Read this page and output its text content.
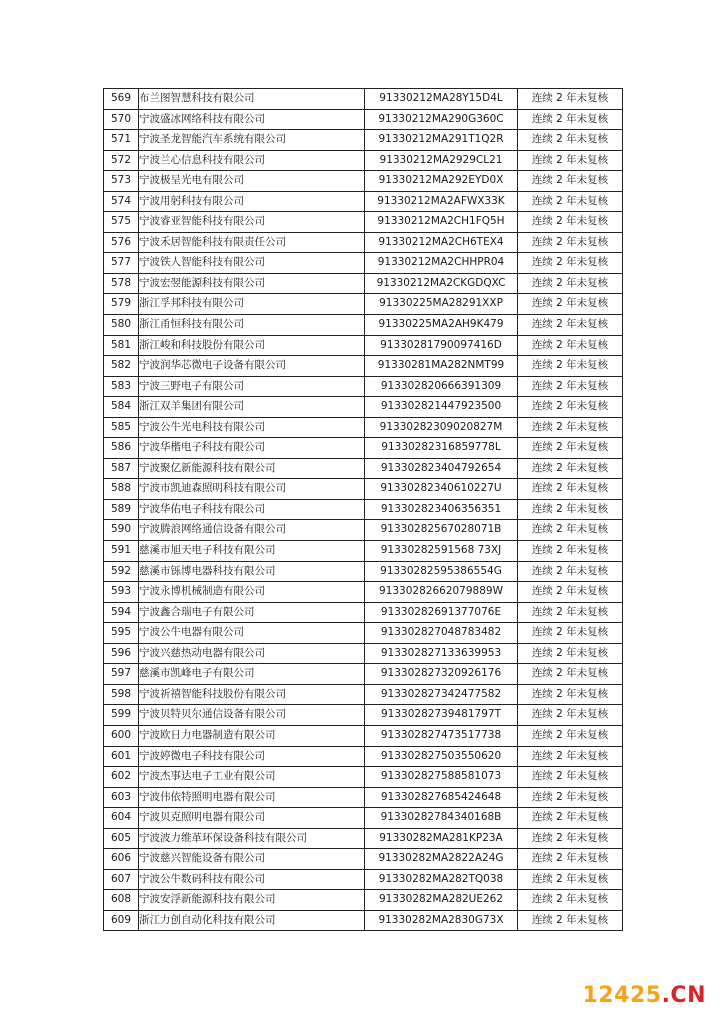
569	布兰图智慧科技有限公司	91330212MA28Y15D4L	连续 2 年未复核
570	宁波盛冰网络科技有限公司	91330212MA290G360C	连续 2 年未复核
571	宁波圣龙智能汽车系统有限公司	91330212MA291T1Q2R	连续 2 年未复核
572	宁波兰心信息科技有限公司	91330212MA2929CL21	连续 2 年未复核
573	宁波极呈光电有限公司	91330212MA292EYD0X	连续 2 年未复核
574	宁波用躬科技有限公司	91330212MA2AFWX33K	连续 2 年未复核
575	宁波睿亚智能科技有限公司	91330212MA2CH1FQ5H	连续 2 年未复核
576	宁波禾居智能科技有限责任公司	91330212MA2CH6TEX4	连续 2 年未复核
577	宁波铁人智能科技有限公司	91330212MA2CHHPR04	连续 2 年未复核
578	宁波宏翌能源科技有限公司	91330212MA2CKGDQXC	连续 2 年未复核
579	浙江孚邦科技有限公司	91330225MA28291XXP	连续 2 年未复核
580	浙江甬恒科技有限公司	91330225MA2AH9K479	连续 2 年未复核
581	浙江峻和科技股份有限公司	91330281790097416D	连续 2 年未复核
582	宁波润华芯微电子设备有限公司	91330281MA282NMT99	连续 2 年未复核
583	宁波三野电子有限公司	913302820666391309	连续 2 年未复核
584	浙江双羊集团有限公司	913302821447923500	连续 2 年未复核
585	宁波公牛光电科技有限公司	91330282309020827M	连续 2 年未复核
586	宁波华楷电子科技有限公司	91330282316859778L	连续 2 年未复核
587	宁波聚亿新能源科技有限公司	913302823404792654	连续 2 年未复核
588	宁波市凯迪森照明科技有限公司	91330282340610227U	连续 2 年未复核
589	宁波华佑电子科技有限公司	913302823406356351	连续 2 年未复核
590	宁波腾浪网络通信设备有限公司	91330282567028071B	连续 2 年未复核
591	慈溪市旭天电子科技有限公司	91330282591568 73XJ	连续 2 年未复核
592	慈溪市铄博电器科技有限公司	91330282595386554G	连续 2 年未复核
593	宁波永博机械制造有限公司	91330282662079889W	连续 2 年未复核
594	宁波鑫合瑞电子有限公司	91330282691377076E	连续 2 年未复核
595	宁波公牛电器有限公司	913302827048783482	连续 2 年未复核
596	宁波兴慈热动电器有限公司	913302827133639953	连续 2 年未复核
597	慈溪市凯峰电子有限公司	913302827320926176	连续 2 年未复核
598	宁波祈禧智能科技股份有限公司	913302827342477582	连续 2 年未复核
599	宁波贝特贝尔通信设备有限公司	91330282739481797T	连续 2 年未复核
600	宁波欧日力电器制造有限公司	913302827473517738	连续 2 年未复核
601	宁波婷微电子科技有限公司	913302827503550620	连续 2 年未复核
602	宁波杰事达电子工业有限公司	913302827588581073	连续 2 年未复核
603	宁波伟依特照明电器有限公司	913302827685424648	连续 2 年未复核
604	宁波贝克照明电器有限公司	91330282784340168B	连续 2 年未复核
605	宁波波力维革环保设备科技有限公司	91330282MA281KP23A	连续 2 年未复核
606	宁波慈兴智能设备有限公司	91330282MA2822A24G	连续 2 年未复核
607	宁波公牛数码科技有限公司	91330282MA282TQ038	连续 2 年未复核
608	宁波安浮新能源科技有限公司	91330282MA282UE262	连续 2 年未复核
609	浙江力创自动化科技有限公司	91330282MA2830G73X	连续 2 年未复核
12425.CN
